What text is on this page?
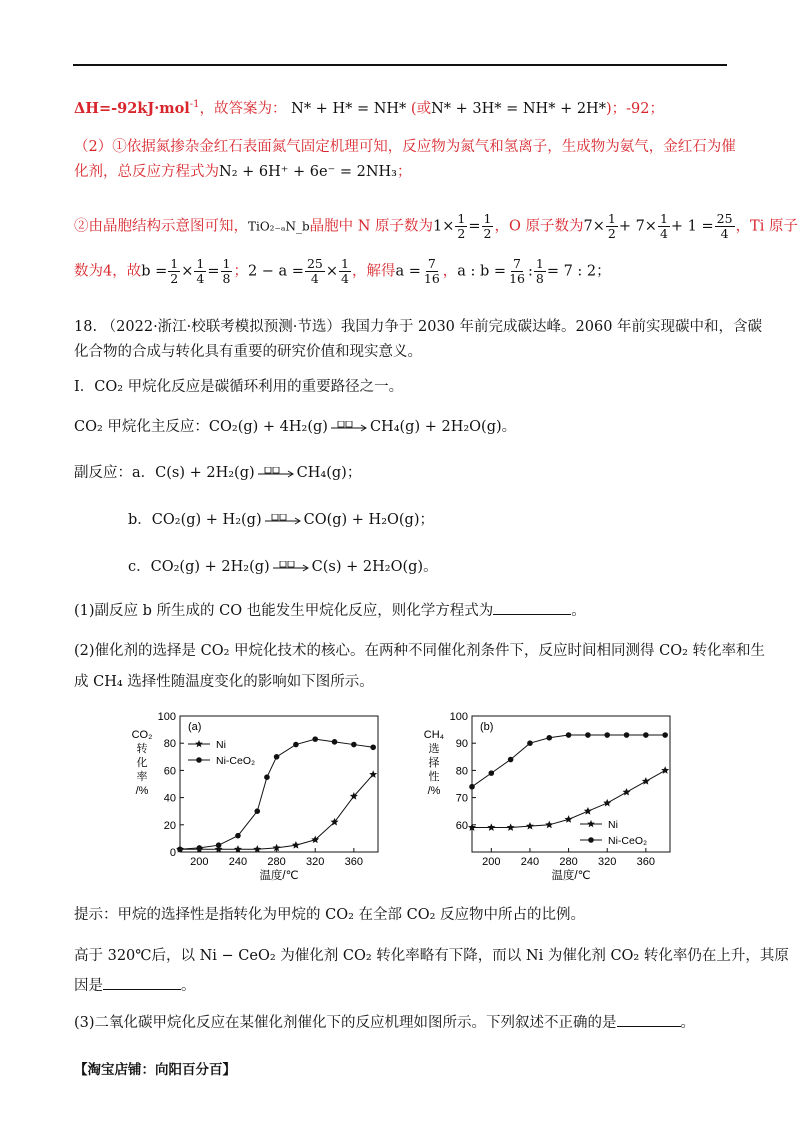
ΔH=-92kJ·mol$^{-1}$，故答案为： N* + H* = NH* (或N* + 3H* = NH* + 2H*)；-92；
（2）①依据氮掺杂金红石表面氮气固定机理可知，反应物为氮气和氢离子，生成物为氨气，金红石为催
化剂，总反应方程式为N₂ + 6H⁺ + 6e⁻ = 2NH₃；
②由晶胞结构示意图可知，TiO₂₋ₐN_b晶胞中 N 原子数为$1\times \frac{1}{2} = \frac{1}{2}$ ，O 原子数为$7\times \frac{1}{2} + 7\times \frac{1}{4} + 1 = \frac{25}{4}$ ，Ti 原子
数为4，故$b = \frac{1}{2} \times \frac{1}{4} = \frac{1}{8}$ ；$2 - a = \frac{25}{4} \times \frac{1}{4}$ ，解得$a = \frac{7}{16}$ ，a : $b = \frac{7}{16}$ : $\frac{1}{8} = 7$ : 2；
18. （2022·浙江·校联考模拟预测·节选）我国力争于 2030 年前完成碳达峰。2060 年前实现碳中和，含碳
化合物的合成与转化具有重要的研究价值和现实意义。
Ⅰ．CO₂ 甲烷化反应是碳循环利用的重要路径之一。
CO₂ 甲烷化主反应：CO₂(g) + 4H₂(g)	CH₄(g) + 2H₂O(g)。
副反应：a．C(s) + 2H₂(g)	CH₄(g)；
b．CO₂(g) + H₂(g)	CO(g) + H₂O(g)；
c．CO₂(g) + 2H₂(g)	C(s) + 2H₂O(g)。
(1)副反应 b 所生成的 CO 也能发生甲烷化反应，则化学方程式为	。
(2)催化剂的选择是 CO₂ 甲烷化技术的核心。在两种不同催化剂条件下，反应时间相同测得 CO₂ 转化率和生
成 CH₄ 选择性随温度变化的影响如下图所示。
200 240 280 320 360
0
20
40
60
80
100
温度/℃
CO₂
转
化
率
/%
(a)
Ni
Ni-CeO₂
200 240 280 320 360
60
70
80
90
100
温度/℃
CH₄
选
择
性
/%
(b)
Ni
Ni-CeO₂
提示：甲烷的选择性是指转化为甲烷的 CO₂ 在全部 CO₂ 反应物中所占的比例。
高于 320℃后，以 Ni − CeO₂ 为催化剂 CO₂ 转化率略有下降，而以 Ni 为催化剂 CO₂ 转化率仍在上升，其原
因是	。
(3)二氧化碳甲烷化反应在某催化剂催化下的反应机理如图所示。下列叙述不正确的是	。
【淘宝店铺：向阳百分百】
